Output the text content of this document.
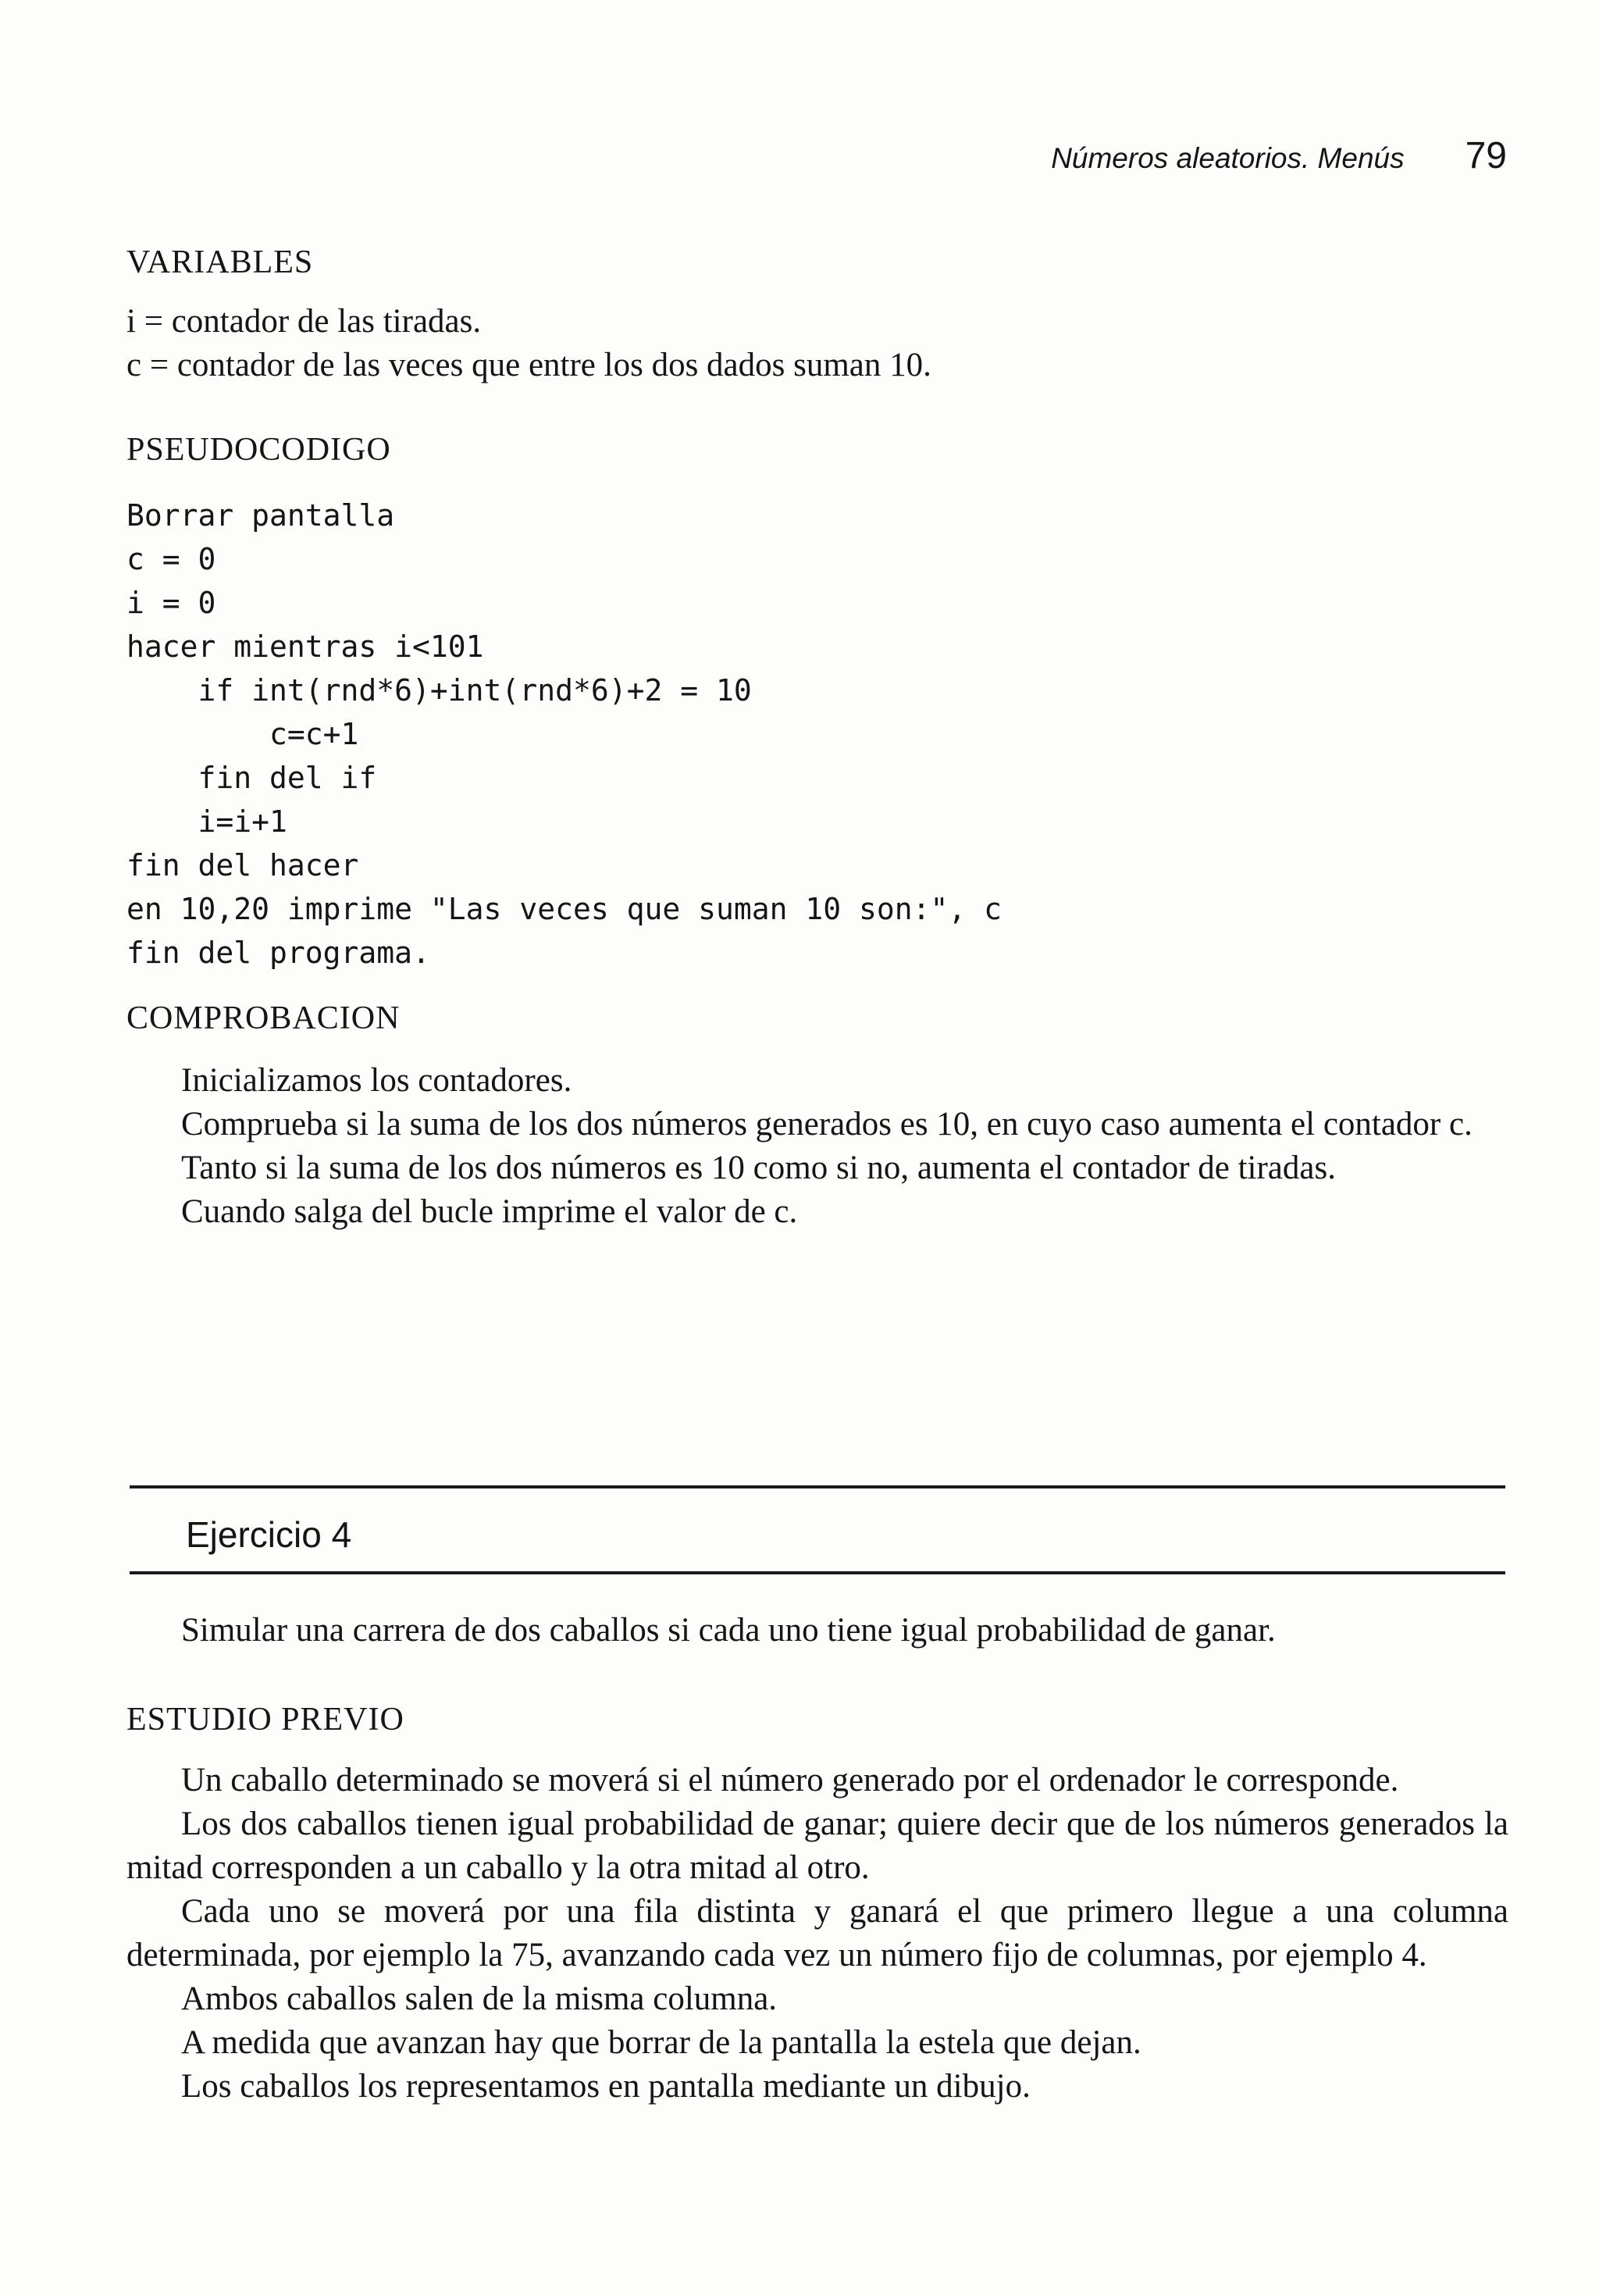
Números aleatorios. Menús 79
VARIABLES

i = contador de las tiradas.

c = contador de las veces que entre los dos dados suman 10.

PSEUDOCODIGO
Borrar pantalla
c = 0
i = 0
hacer mientras i<101
if int(rnd*6)+int(rnd*6)+2 = 10
c=c+1
fin del if
i=i+1
fin del hacer
en 10,20 imprime "Las veces que suman 10 son:", c
fin del programa.
COMPROBACION

Inicializamos los contadores.

Comprueba si la suma de los dos números generados es 10, en cuyo caso aumenta el contador c.

Tanto si la suma de los dos números es 10 como si no, aumenta el contador de tiradas.

Cuando salga del bucle imprime el valor de c.

Ejercicio 4

Simular una carrera de dos caballos si cada uno tiene igual probabilidad de ganar.

ESTUDIO PREVIO

Un caballo determinado se moverá si el número generado por el ordenador le corresponde.

Los dos caballos tienen igual probabilidad de ganar; quiere decir que de los números generados la mitad corresponden a un caballo y la otra mitad al otro.

Cada uno se moverá por una fila distinta y ganará el que primero llegue a una columna determinada, por ejemplo la 75, avanzando cada vez un número fijo de columnas, por ejemplo 4.

Ambos caballos salen de la misma columna.

A medida que avanzan hay que borrar de la pantalla la estela que dejan.

Los caballos los representamos en pantalla mediante un dibujo.
